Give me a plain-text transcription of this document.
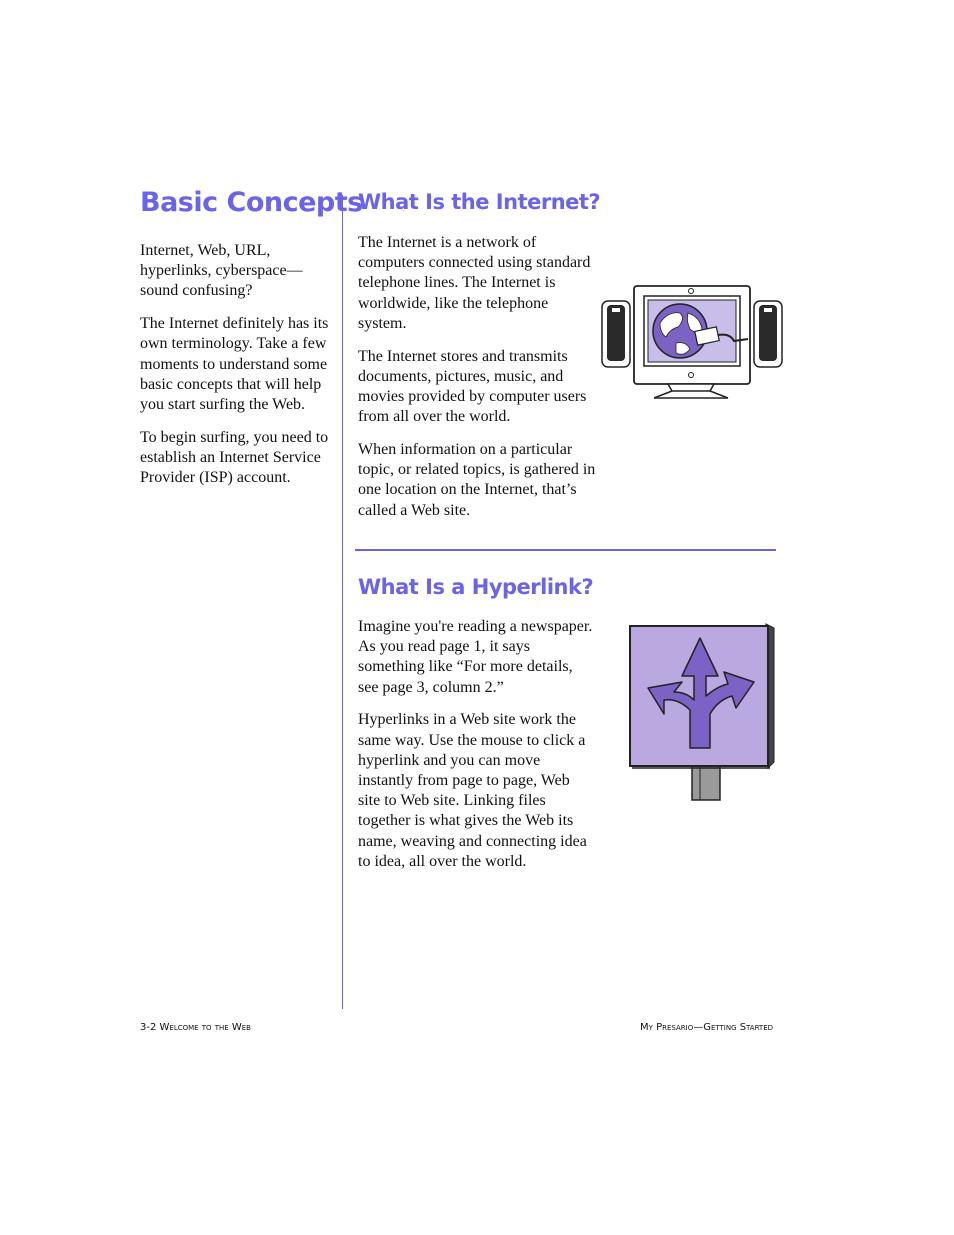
Basic Concepts

Internet, Web, URL, hyperlinks, cyberspace—sound confusing?

The Internet definitely has its own terminology. Take a few moments to understand some basic concepts that will help you start surfing the Web.

To begin surfing, you need to establish an Internet Service Provider (ISP) account.

What Is the Internet?

The Internet is a network of computers connected using standard telephone lines. The Internet is worldwide, like the telephone system.

The Internet stores and transmits documents, pictures, music, and movies provided by computer users from all over the world.

When information on a particular topic, or related topics, is gathered in one location on the Internet, that’s called a Web site.

What Is a Hyperlink?

Imagine you're reading a newspaper. As you read page 1, it says something like “For more details, see page 3, column 2.”

Hyperlinks in a Web site work the same way. Use the mouse to click a hyperlink and you can move instantly from page to page, Web site to Web site. Linking files together is what gives the Web its name, weaving and connecting idea to idea, all over the world.

3-2 Welcome to the Web	My Presario—Getting Started
